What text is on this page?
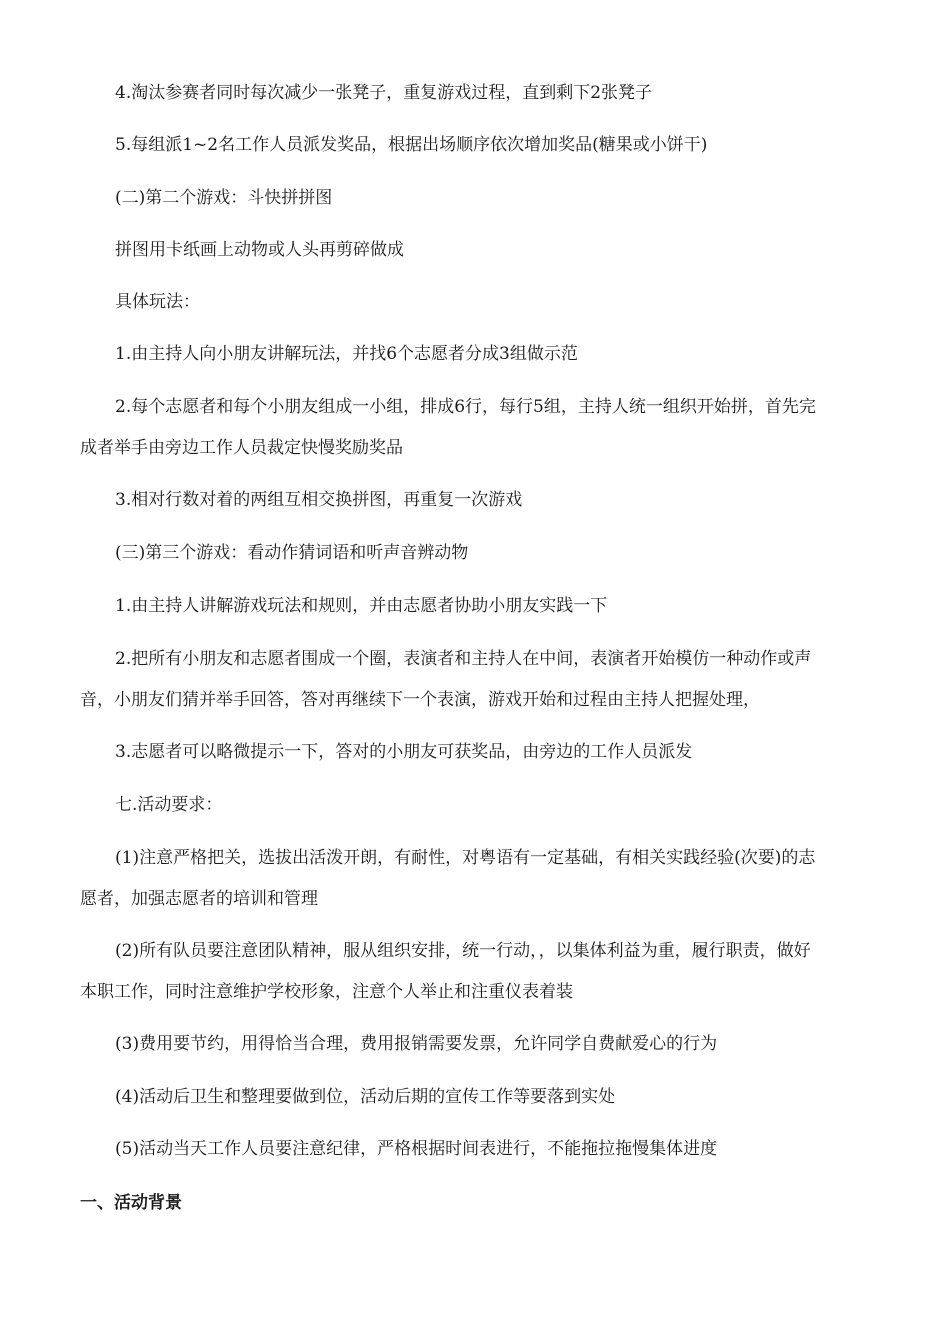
4.淘汰参赛者同时每次减少一张凳子，重复游戏过程，直到剩下2张凳子

5.每组派1~2名工作人员派发奖品，根据出场顺序依次增加奖品(糖果或小饼干)

(二)第二个游戏：斗快拼拼图

拼图用卡纸画上动物或人头再剪碎做成

具体玩法：

1.由主持人向小朋友讲解玩法，并找6个志愿者分成3组做示范

2.每个志愿者和每个小朋友组成一小组，排成6行，每行5组，主持人统一组织开始拼，首先完

成者举手由旁边工作人员裁定快慢奖励奖品

3.相对行数对着的两组互相交换拼图，再重复一次游戏

(三)第三个游戏：看动作猜词语和听声音辨动物

1.由主持人讲解游戏玩法和规则，并由志愿者协助小朋友实践一下

2.把所有小朋友和志愿者围成一个圈，表演者和主持人在中间，表演者开始模仿一种动作或声

音，小朋友们猜并举手回答，答对再继续下一个表演，游戏开始和过程由主持人把握处理，

3.志愿者可以略微提示一下，答对的小朋友可获奖品，由旁边的工作人员派发

七.活动要求：

(1)注意严格把关，选拔出活泼开朗，有耐性，对粤语有一定基础，有相关实践经验(次要)的志

愿者，加强志愿者的培训和管理

(2)所有队员要注意团队精神，服从组织安排，统一行动，，以集体利益为重，履行职责，做好

本职工作，同时注意维护学校形象，注意个人举止和注重仪表着装

(3)费用要节约，用得恰当合理，费用报销需要发票，允许同学自费献爱心的行为

(4)活动后卫生和整理要做到位，活动后期的宣传工作等要落到实处

(5)活动当天工作人员要注意纪律，严格根据时间表进行，不能拖拉拖慢集体进度

一、活动背景
